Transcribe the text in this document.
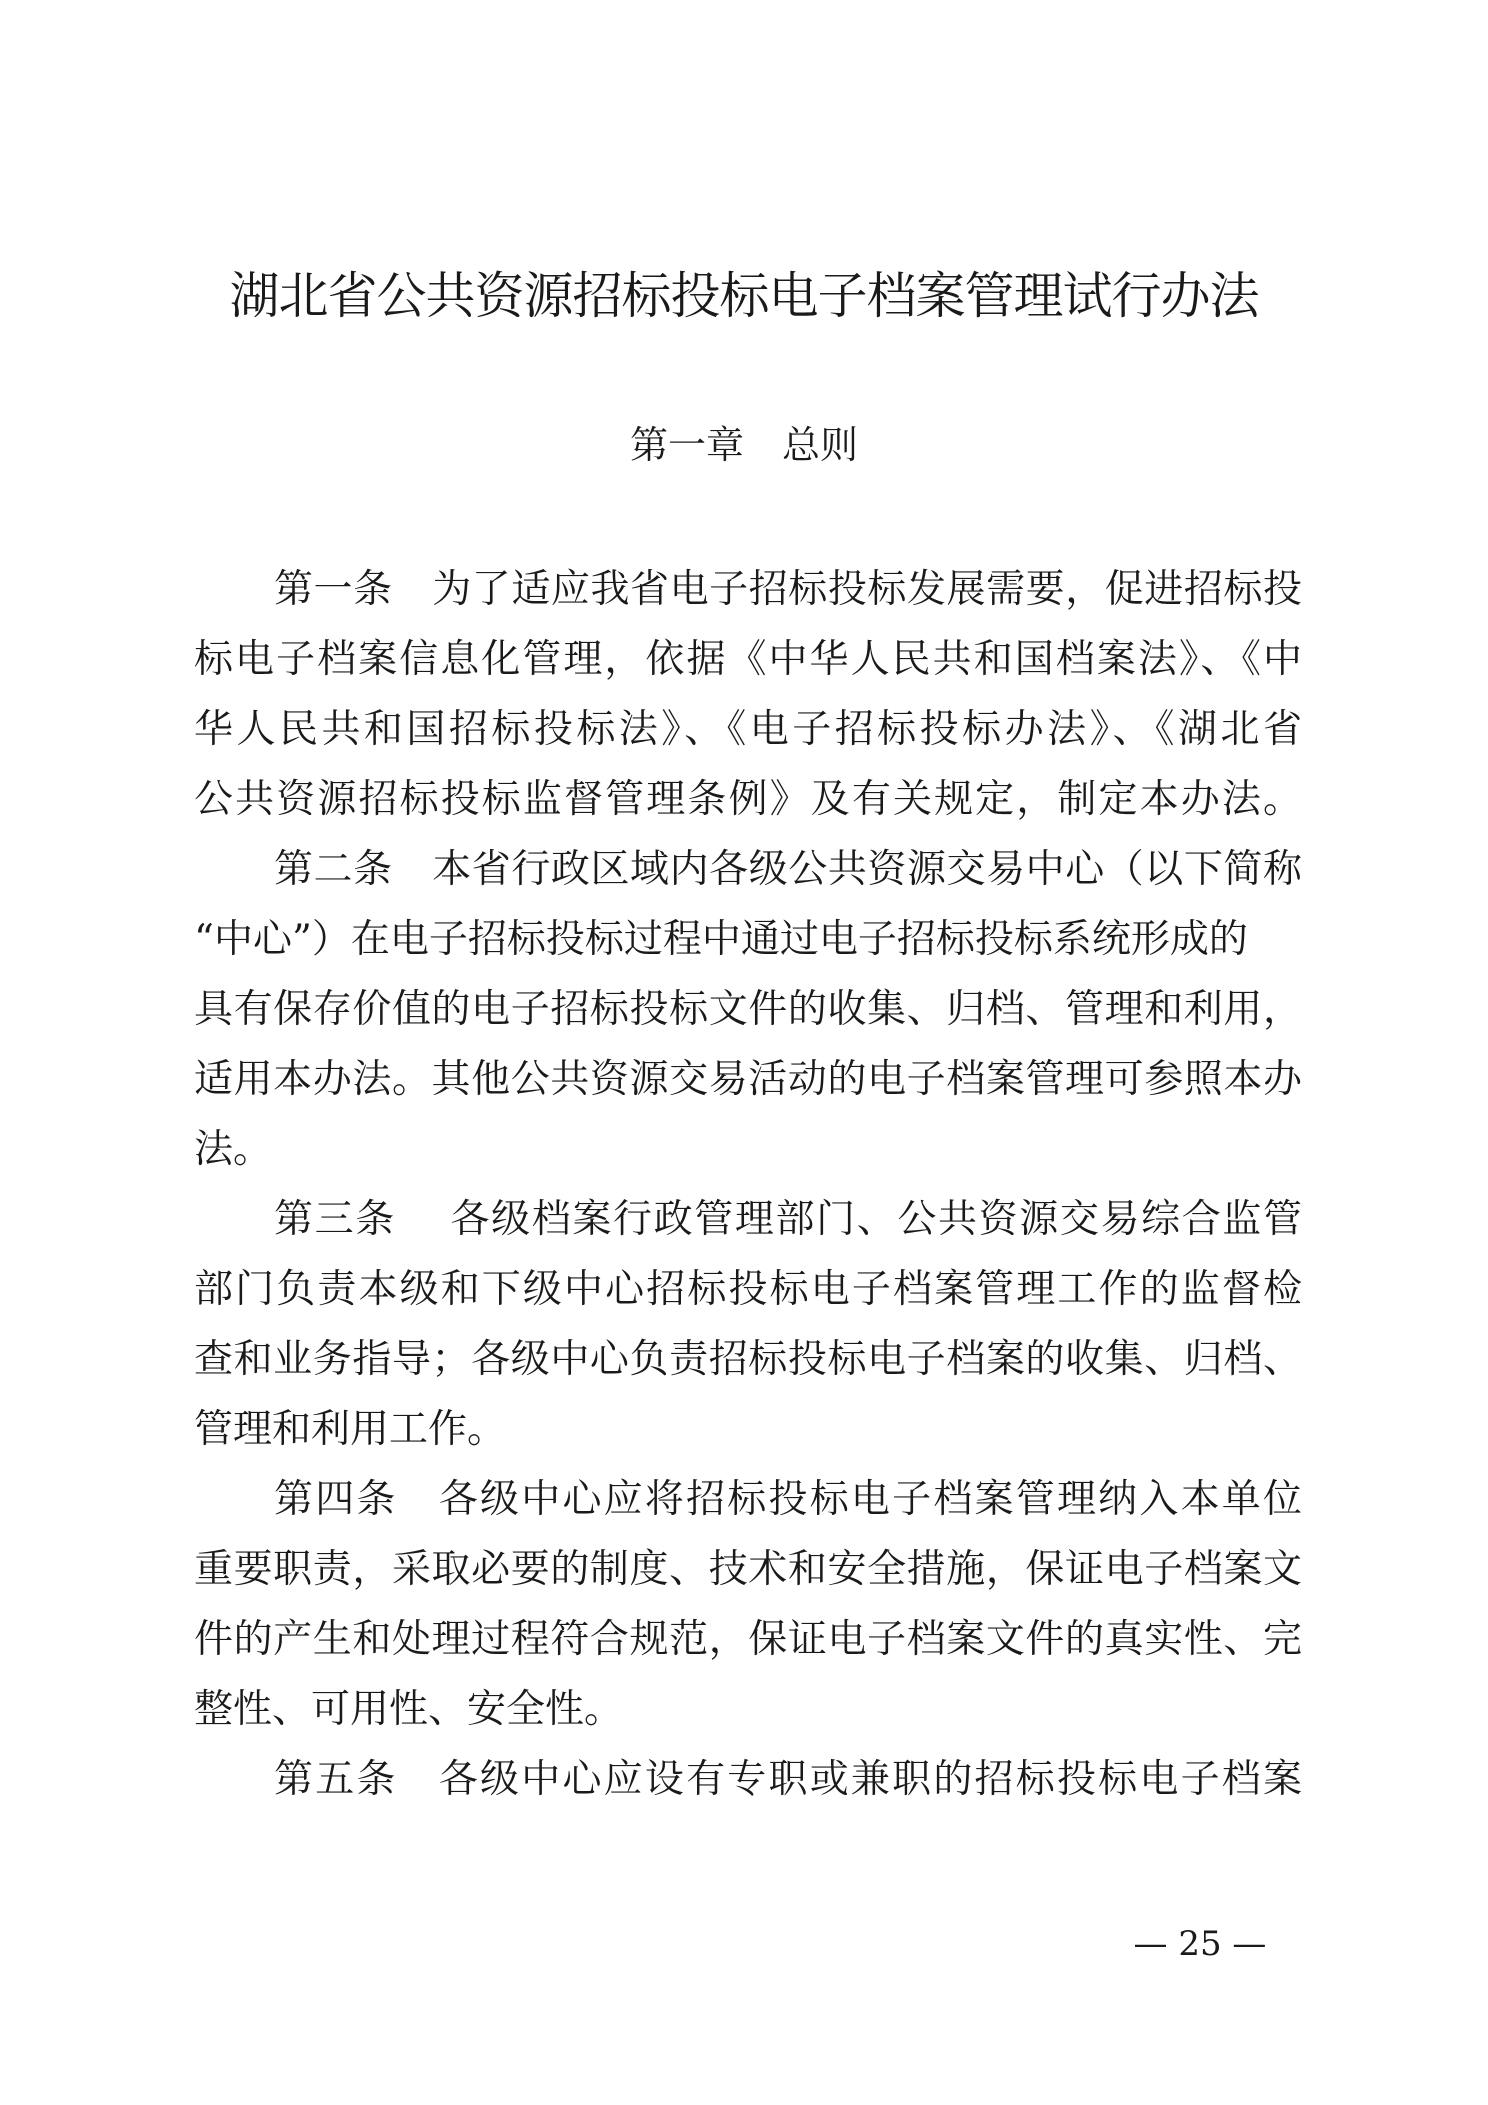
湖北省公共资源招标投标电子档案管理试行办法
第一章　总则

第一条　为了适应我省电子招标投标发展需要，促进招标投
标电子档案信息化管理，依据《中华人民共和国档案法》、《中
华人民共和国招标投标法》、《电子招标投标办法》、《湖北省
公共资源招标投标监督管理条例》及有关规定，制定本办法。

第二条　本省行政区域内各级公共资源交易中心（以下简称
“中心”）在电子招标投标过程中通过电子招标投标系统形成的
具有保存价值的电子招标投标文件的收集、归档、管理和利用，
适用本办法。其他公共资源交易活动的电子档案管理可参照本办
法。

第三条　 各级档案行政管理部门、公共资源交易综合监管
部门负责本级和下级中心招标投标电子档案管理工作的监督检
查和业务指导；各级中心负责招标投标电子档案的收集、归档、
管理和利用工作。

第四条　各级中心应将招标投标电子档案管理纳入本单位
重要职责，采取必要的制度、技术和安全措施，保证电子档案文
件的产生和处理过程符合规范，保证电子档案文件的真实性、完
整性、可用性、安全性。

第五条　各级中心应设有专职或兼职的招标投标电子档案

— 25 —
